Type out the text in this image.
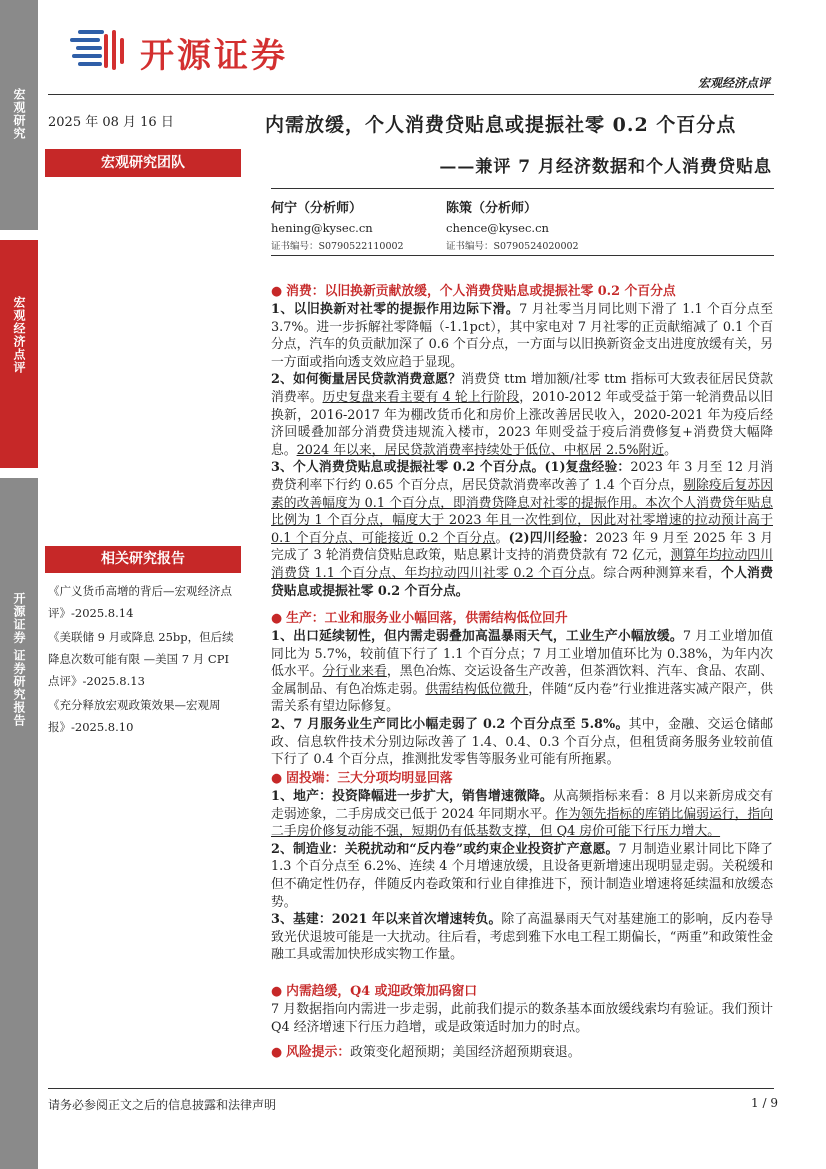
宏观研究
宏观经济点评
开源证券 证券研究报告
开源证券
宏观经济点评
2025 年 08 月 16 日	内需放缓，个人消费贷贴息或提振社零 0.2 个百分点
——兼评 7 月经济数据和个人消费贷贴息
宏观研究团队
何宁（分析师）
hening@kysec.cn
证书编号：S0790522110002
陈策（分析师）
chence@kysec.cn
证书编号：S0790524020002
相关研究报告
《广义货币高增的背后—宏观经济点评》-2025.8.14
《美联储 9 月或降息 25bp，但后续降息次数可能有限 —美国 7 月 CPI 点评》-2025.8.13
《充分释放宏观政策效果—宏观周报》-2025.8.10
● 消费：以旧换新贡献放缓，个人消费贷贴息或提振社零 0.2 个百分点
1、以旧换新对社零的提振作用边际下滑。7 月社零当月同比则下滑了 1.1 个百分点至 3.7%。进一步拆解社零降幅（-1.1pct），其中家电对 7 月社零的正贡献缩减了 0.1 个百分点，汽车的负贡献加深了 0.6 个百分点，一方面与以旧换新资金支出进度放缓有关，另一方面或指向透支效应趋于显现。
2、如何衡量居民贷款消费意愿？消费贷 ttm 增加额/社零 ttm 指标可大致表征居民贷款消费率。历史复盘来看主要有 4 轮上行阶段，2010-2012 年或受益于第一轮消费品以旧换新，2016-2017 年为棚改货币化和房价上涨改善居民收入，2020-2021 年为疫后经济回暖叠加部分消费贷违规流入楼市，2023 年则受益于疫后消费修复+消费贷大幅降息。2024 年以来，居民贷款消费率持续处于低位、中枢居 2.5%附近。
3、个人消费贷贴息或提振社零 0.2 个百分点。(1)复盘经验：2023 年 3 月至 12 月消费贷利率下行约 0.65 个百分点，居民贷款消费率改善了 1.4 个百分点，剔除疫后复苏因素的改善幅度为 0.1 个百分点，即消费贷降息对社零的提振作用。本次个人消费贷年贴息比例为 1 个百分点，幅度大于 2023 年且一次性到位，因此对社零增速的拉动预计高于 0.1 个百分点、可能接近 0.2 个百分点。(2)四川经验：2023 年 9 月至 2025 年 3 月完成了 3 轮消费信贷贴息政策，贴息累计支持的消费贷款有 72 亿元，测算年均拉动四川消费贷 1.1 个百分点、年均拉动四川社零 0.2 个百分点。综合两种测算来看，个人消费贷贴息或提振社零 0.2 个百分点。
● 生产：工业和服务业小幅回落，供需结构低位回升
1、出口延续韧性，但内需走弱叠加高温暴雨天气，工业生产小幅放缓。7 月工业增加值同比为 5.7%，较前值下行了 1.1 个百分点；7 月工业增加值环比为 0.38%，为年内次低水平。分行业来看，黑色冶炼、交运设备生产改善，但茶酒饮料、汽车、食品、农副、金属制品、有色冶炼走弱。供需结构低位微升，伴随“反内卷”行业推进落实减产限产，供需关系有望边际修复。
2、7 月服务业生产同比小幅走弱了 0.2 个百分点至 5.8%。其中，金融、交运仓储邮政、信息软件技术分别边际改善了 1.4、0.4、0.3 个百分点，但租赁商务服务业较前值下行了 0.4 个百分点，推测批发零售等服务业可能有所拖累。
● 固投端：三大分项均明显回落
1、地产：投资降幅进一步扩大，销售增速微降。从高频指标来看：8 月以来新房成交有走弱迹象，二手房成交已低于 2024 年同期水平。作为领先指标的库销比偏弱运行，指向二手房价修复动能不强，短期仍有低基数支撑，但 Q4 房价可能下行压力增大。
2、制造业：关税扰动和“反内卷”或约束企业投资扩产意愿。7 月制造业累计同比下降了 1.3 个百分点至 6.2%、连续 4 个月增速放缓，且设备更新增速出现明显走弱。关税缓和但不确定性仍存，伴随反内卷政策和行业自律推进下，预计制造业增速将延续温和放缓态势。
3、基建：2021 年以来首次增速转负。除了高温暴雨天气对基建施工的影响，反内卷导致光伏退坡可能是一大扰动。往后看，考虑到雅下水电工程工期偏长，“两重”和政策性金融工具或需加快形成实物工作量。
● 内需趋缓，Q4 或迎政策加码窗口
7 月数据指向内需进一步走弱，此前我们提示的数条基本面放缓线索均有验证。我们预计 Q4 经济增速下行压力趋增，或是政策适时加力的时点。
● 风险提示：政策变化超预期；美国经济超预期衰退。
请务必参阅正文之后的信息披露和法律声明	1 / 9
